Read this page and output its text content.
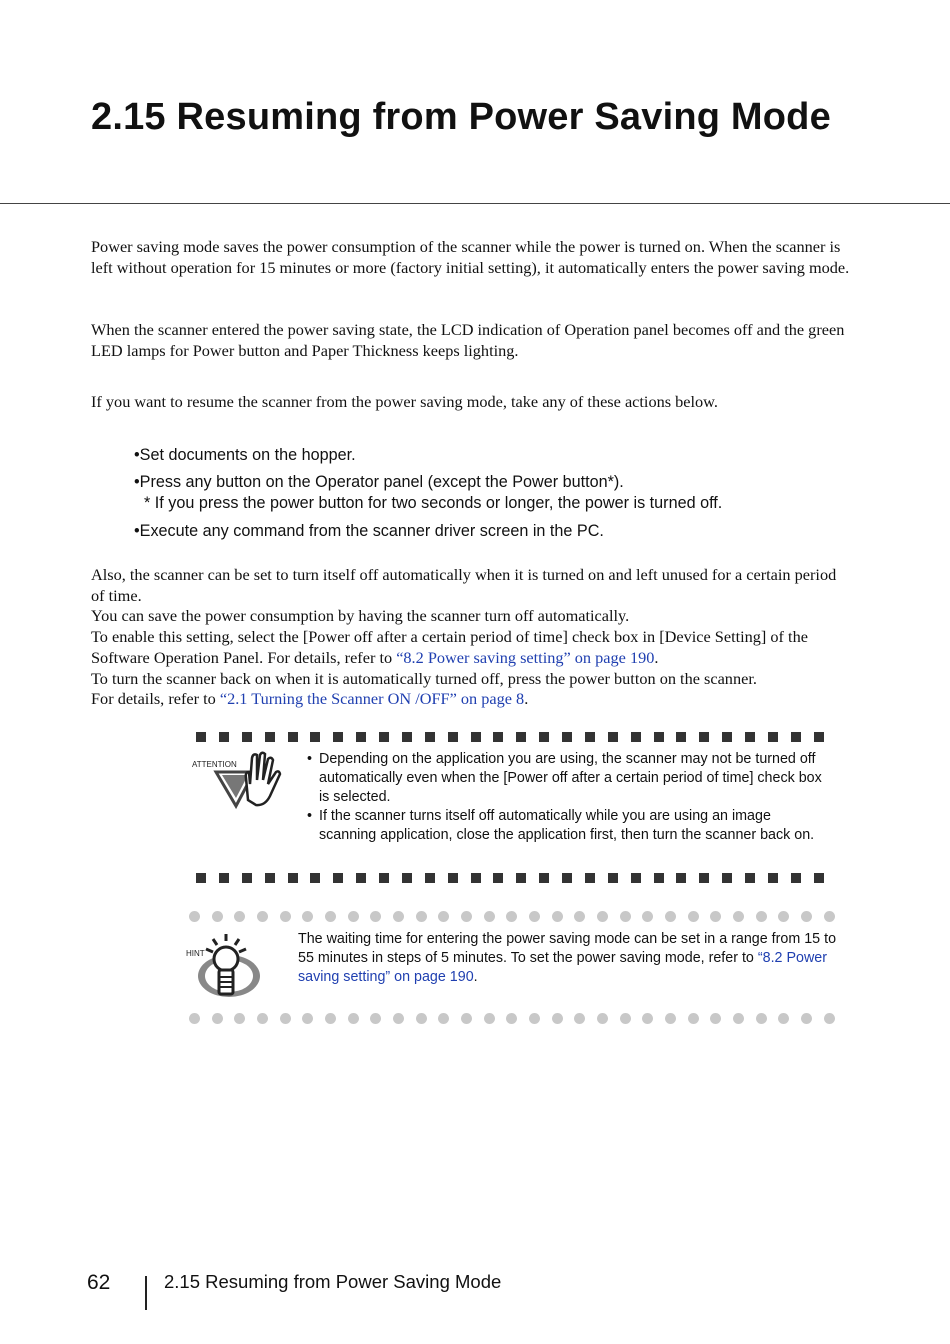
2.15 Resuming from Power Saving Mode
Power saving mode saves the power consumption of the scanner while the power is turned on. When the scanner is left without operation for 15 minutes or more (factory initial setting), it automatically enters the power saving mode.
When the scanner entered the power saving state, the LCD indication of Operation panel becomes off and the green LED lamps for Power button and Paper Thickness keeps lighting.
If you want to resume the scanner from the power saving mode, take any of these actions below.
•Set documents on the hopper.
•Press any button on the Operator panel (except the Power button*).
* If you press the power button for two seconds or longer, the power is turned off.
•Execute any command from the scanner driver screen in the PC.

Also, the scanner can be set to turn itself off automatically when it is turned on and left unused for a certain period of time.

You can save the power consumption by having the scanner turn off automatically.

To enable this setting, select the [Power off after a certain period of time] check box in [Device Setting] of the Software Operation Panel. For details, refer to “8.2 Power saving setting” on page 190.

To turn the scanner back on when it is automatically turned off, press the power button on the scanner.

For details, refer to “2.1 Turning the Scanner ON /OFF” on page 8.

ATTENTION	• Depending on the application you are using, the scanner may not be turned off automatically even when the [Power off after a certain period of time] check box is selected.
• If the scanner turns itself off automatically while you are using an image scanning application, close the application first, then turn the scanner back on.
HINT
The waiting time for entering the power saving mode can be set in a range from 15 to 55 minutes in steps of 5 minutes. To set the power saving mode, refer to “8.2 Power saving setting” on page 190.
62	2.15 Resuming from Power Saving Mode
